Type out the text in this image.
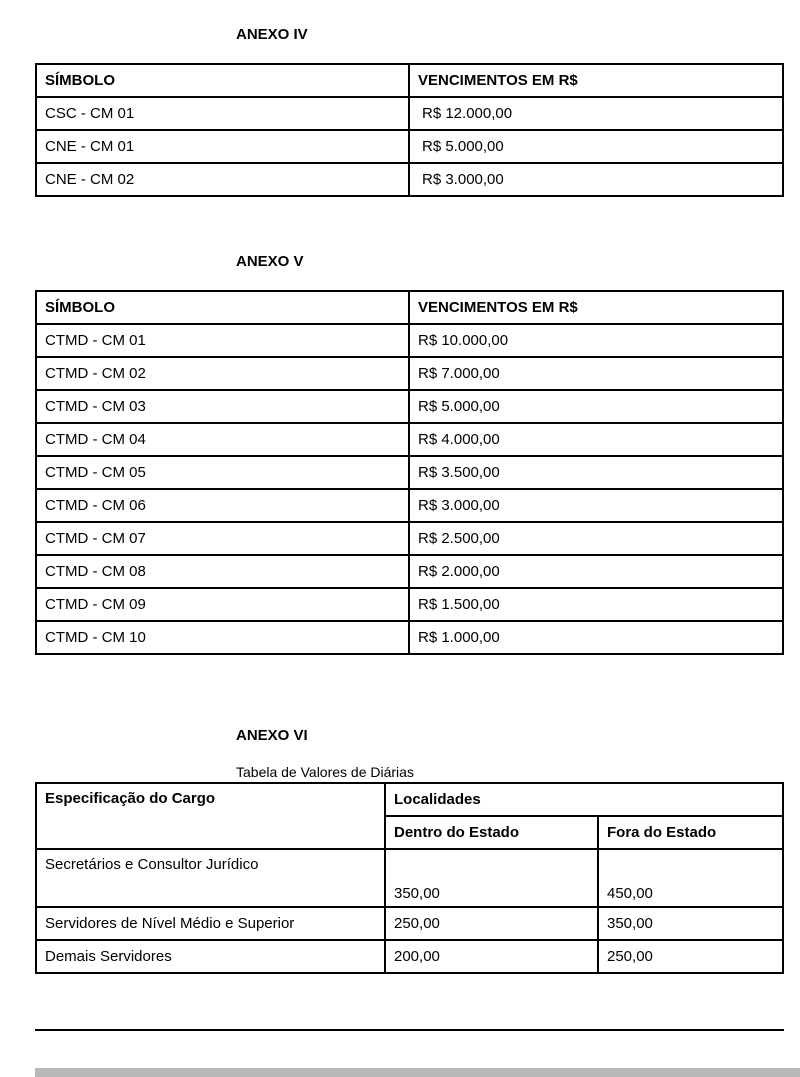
ANEXO IV
SÍMBOLO	VENCIMENTOS EM R$
CSC - CM 01	R$ 12.000,00
CNE - CM 01	R$ 5.000,00
CNE - CM 02	R$ 3.000,00
ANEXO V
SÍMBOLO	VENCIMENTOS EM R$
CTMD - CM 01	R$ 10.000,00
CTMD - CM 02	R$ 7.000,00
CTMD - CM 03	R$ 5.000,00
CTMD - CM 04	R$ 4.000,00
CTMD - CM 05	R$ 3.500,00
CTMD - CM 06	R$ 3.000,00
CTMD - CM 07	R$ 2.500,00
CTMD - CM 08	R$ 2.000,00
CTMD - CM 09	R$ 1.500,00
CTMD - CM 10	R$ 1.000,00
ANEXO VI
Tabela de Valores de Diárias
Especificação do Cargo	Localidades	
	Dentro do Estado	Fora do Estado
Secretários e Consultor Jurídico	350,00	450,00
Servidores de Nível Médio e Superior	250,00	350,00
Demais Servidores	200,00	250,00
